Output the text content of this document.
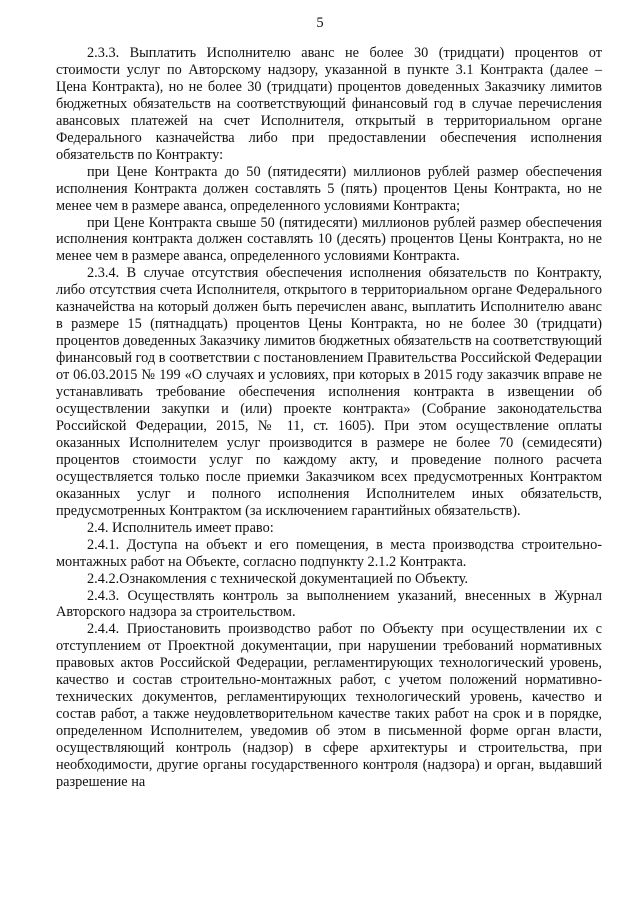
5

2.3.3. Выплатить Исполнителю аванс не более 30 (тридцати) процентов от стоимости услуг по Авторскому надзору, указанной в пункте 3.1 Контракта (далее – Цена Контракта), но не более 30 (тридцати) процентов доведенных Заказчику лимитов бюджетных обязательств на соответствующий финансовый год в случае перечисления авансовых платежей на счет Исполнителя, открытый в территориальном органе Федерального казначейства либо при предоставлении обеспечения исполнения обязательств по Контракту:

при Цене Контракта до 50 (пятидесяти) миллионов рублей размер обеспечения исполнения Контракта должен составлять 5 (пять) процентов Цены Контракта, но не менее чем в размере аванса, определенного условиями Контракта;

при Цене Контракта свыше 50 (пятидесяти) миллионов рублей размер обеспечения исполнения контракта должен составлять 10 (десять) процентов Цены Контракта, но не менее чем в размере аванса, определенного условиями Контракта.

2.3.4. В случае отсутствия обеспечения исполнения обязательств по Контракту, либо отсутствия счета Исполнителя, открытого в территориальном органе Федерального казначейства на который должен быть перечислен аванс, выплатить Исполнителю аванс в размере 15 (пятнадцать) процентов Цены Контракта, но не более 30 (тридцати) процентов доведенных Заказчику лимитов бюджетных обязательств на соответствующий финансовый год в соответствии с постановлением Правительства Российской Федерации от 06.03.2015 № 199 «О случаях и условиях, при которых в 2015 году заказчик вправе не устанавливать требование обеспечения исполнения контракта в извещении об осуществлении закупки и (или) проекте контракта» (Собрание законодательства Российской Федерации, 2015, № 11, ст. 1605). При этом осуществление оплаты оказанных Исполнителем услуг производится в размере не более 70 (семидесяти) процентов стоимости услуг по каждому акту, и проведение полного расчета осуществляется только после приемки Заказчиком всех предусмотренных Контрактом оказанных услуг и полного исполнения Исполнителем иных обязательств, предусмотренных Контрактом (за исключением гарантийных обязательств).

2.4. Исполнитель имеет право:

2.4.1. Доступа на объект и его помещения, в места производства строительно-монтажных работ на Объекте, согласно подпункту 2.1.2 Контракта.

2.4.2.Ознакомления с технической документацией по Объекту.

2.4.3. Осуществлять контроль за выполнением указаний, внесенных в Журнал Авторского надзора за строительством.

2.4.4. Приостановить производство работ по Объекту при осуществлении их с отступлением от Проектной документации, при нарушении требований нормативных правовых актов Российской Федерации, регламентирующих технологический уровень, качество и состав строительно-монтажных работ, с учетом положений нормативно-технических документов, регламентирующих технологический уровень, качество и состав работ, а также неудовлетворительном качестве таких работ на срок и в порядке, определенном Исполнителем, уведомив об этом в письменной форме орган власти, осуществляющий контроль (надзор) в сфере архитектуры и строительства, при необходимости, другие органы государственного контроля (надзора) и орган, выдавший разрешение на
